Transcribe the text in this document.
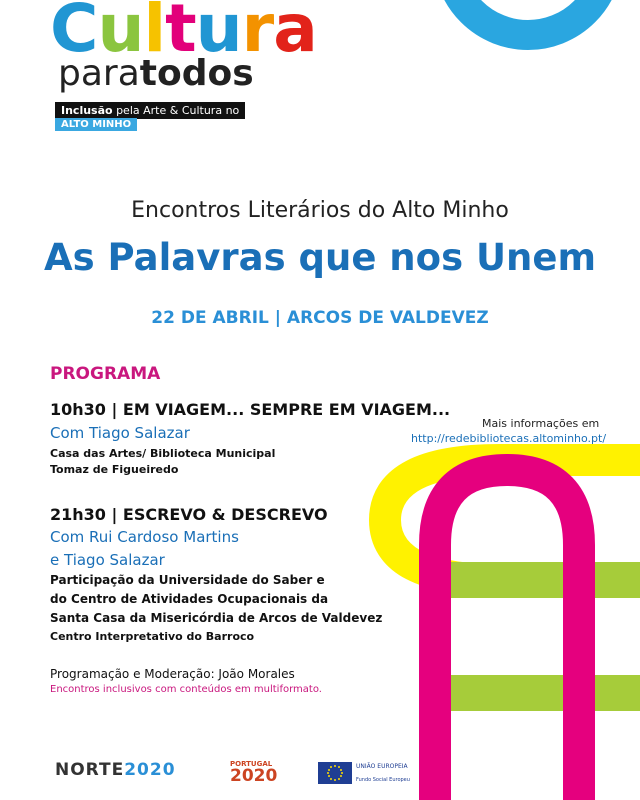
Cultura
paratodos
Inclusão pela Arte & Cultura no
ALTO MINHO
Encontros Literários do Alto Minho
As Palavras que nos Unem
22 DE ABRIL | ARCOS DE VALDEVEZ
PROGRAMA
10h30 | EM VIAGEM... SEMPRE EM VIAGEM...
Com Tiago Salazar
Casa das Artes/ Biblioteca Municipal
Tomaz de Figueiredo
21h30 | ESCREVO & DESCREVO
Com Rui Cardoso Martins
e Tiago Salazar
Participação da Universidade do Saber e
do Centro de Atividades Ocupacionais da
Santa Casa da Misericórdia de Arcos de Valdevez
Centro Interpretativo do Barroco
Programação e Moderação: João Morales
Encontros inclusivos com conteúdos em multiformato.
Mais informações em
http://redebibliotecas.altominho.pt/
NORTE2020	PORTUGAL
2020	UNIÃO EUROPEIA
Fundo Social Europeu
